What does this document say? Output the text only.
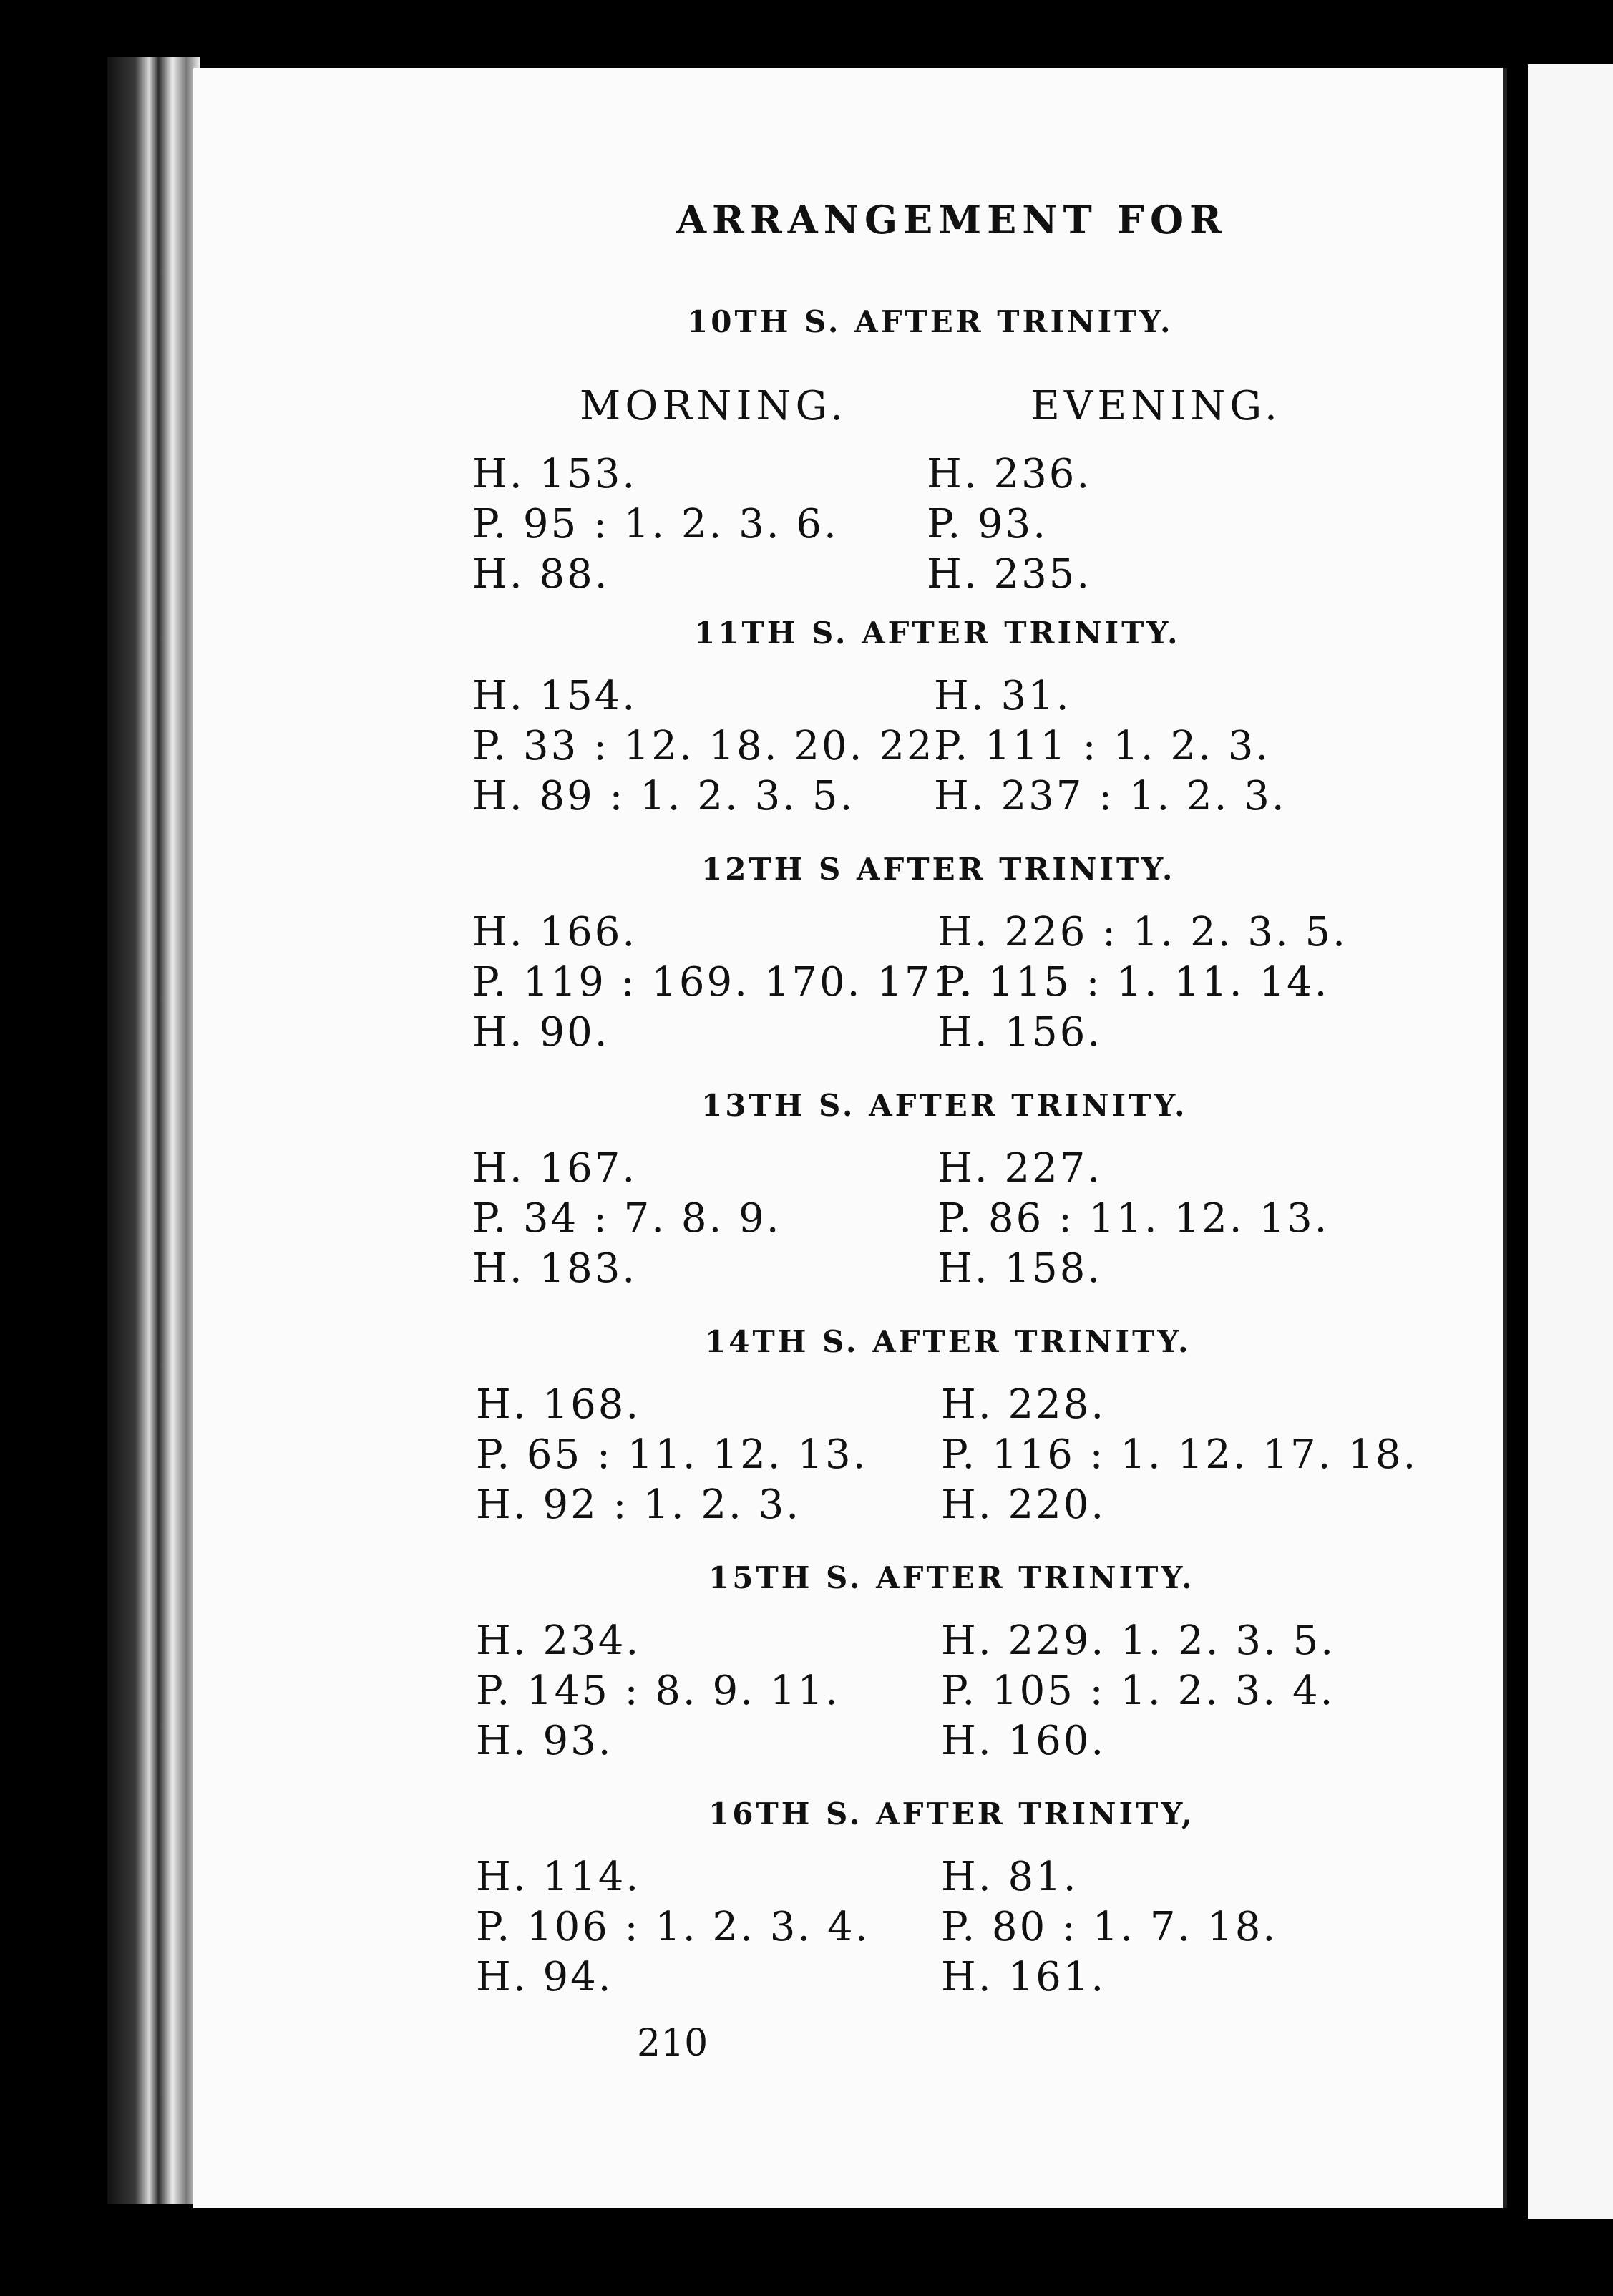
ARRANGEMENT FOR
MORNING.	EVENING.
10TH S. AFTER TRINITY.
H. 153.
P. 95 : 1. 2. 3. 6.
H. 88.
H. 236.
P. 93.
H. 235.
11TH S. AFTER TRINITY.
H. 154.
P. 33 : 12. 18. 20. 22.
H. 89 : 1. 2. 3. 5.
H. 31.
P. 111 : 1. 2. 3.
H. 237 : 1. 2. 3.
12TH S AFTER TRINITY.
H. 166.
P. 119 : 169. 170. 171.
H. 90.
H. 226 : 1. 2. 3. 5.
P. 115 : 1. 11. 14.
H. 156.
13TH S. AFTER TRINITY.
H. 167.
P. 34 : 7. 8. 9.
H. 183.
H. 227.
P. 86 : 11. 12. 13.
H. 158.
14TH S. AFTER TRINITY.
H. 168.
P. 65 : 11. 12. 13.
H. 92 : 1. 2. 3.
H. 228.
P. 116 : 1. 12. 17. 18.
H. 220.
15TH S. AFTER TRINITY.
H. 234.
P. 145 : 8. 9. 11.
H. 93.
H. 229. 1. 2. 3. 5.
P. 105 : 1. 2. 3. 4.
H. 160.
16TH S. AFTER TRINITY,
H. 114.
P. 106 : 1. 2. 3. 4.
H. 94.
H. 81.
P. 80 : 1. 7. 18.
H. 161.
210
